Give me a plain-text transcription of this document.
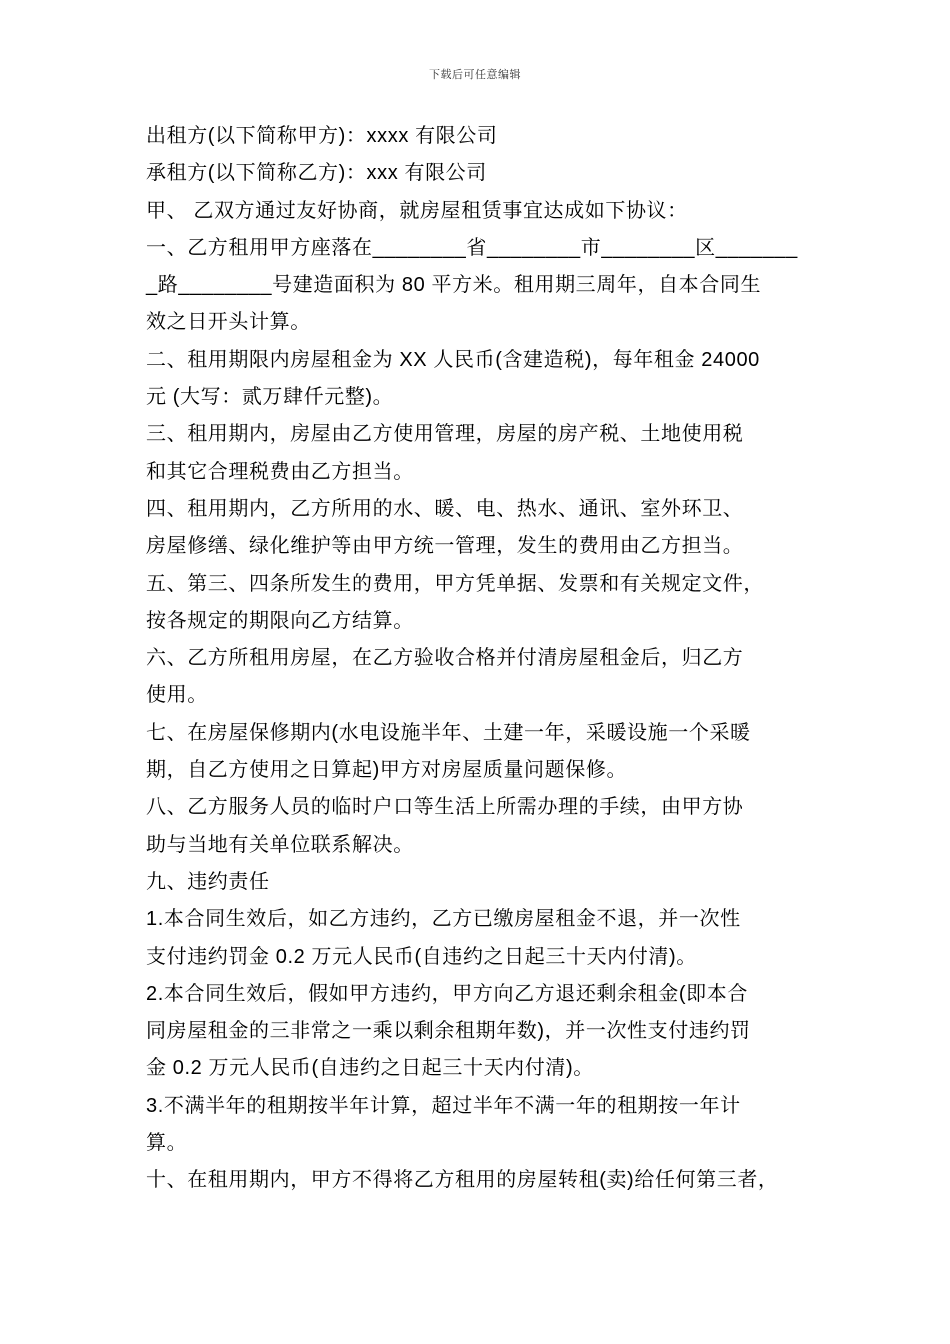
下载后可任意编辑
出租方(以下简称甲方)：xxxx 有限公司
承租方(以下简称乙方)：xxx 有限公司
甲、 乙双方通过友好协商，就房屋租赁事宜达成如下协议：
一、乙方租用甲方座落在________省________市________区_______
_路________号建造面积为 80 平方米。租用期三周年，自本合同生
效之日开头计算。
二、租用期限内房屋租金为 XX 人民币(含建造税)，每年租金 24000
元 (大写：贰万肆仟元整)。
三、租用期内，房屋由乙方使用管理，房屋的房产税、土地使用税
和其它合理税费由乙方担当。
四、租用期内，乙方所用的水、暖、电、热水、通讯、室外环卫、
房屋修缮、绿化维护等由甲方统一管理，发生的费用由乙方担当。
五、第三、四条所发生的费用，甲方凭单据、发票和有关规定文件，
按各规定的期限向乙方结算。
六、乙方所租用房屋，在乙方验收合格并付清房屋租金后，归乙方
使用。
七、在房屋保修期内(水电设施半年、土建一年，采暖设施一个采暖
期，自乙方使用之日算起)甲方对房屋质量问题保修。
八、乙方服务人员的临时户口等生活上所需办理的手续，由甲方协
助与当地有关单位联系解决。
九、违约责任
1.本合同生效后，如乙方违约，乙方已缴房屋租金不退，并一次性
支付违约罚金 0.2 万元人民币(自违约之日起三十天内付清)。
2.本合同生效后，假如甲方违约，甲方向乙方退还剩余租金(即本合
同房屋租金的三非常之一乘以剩余租期年数)，并一次性支付违约罚
金 0.2 万元人民币(自违约之日起三十天内付清)。
3.不满半年的租期按半年计算，超过半年不满一年的租期按一年计
算。
十、在租用期内，甲方不得将乙方租用的房屋转租(卖)给任何第三者，
